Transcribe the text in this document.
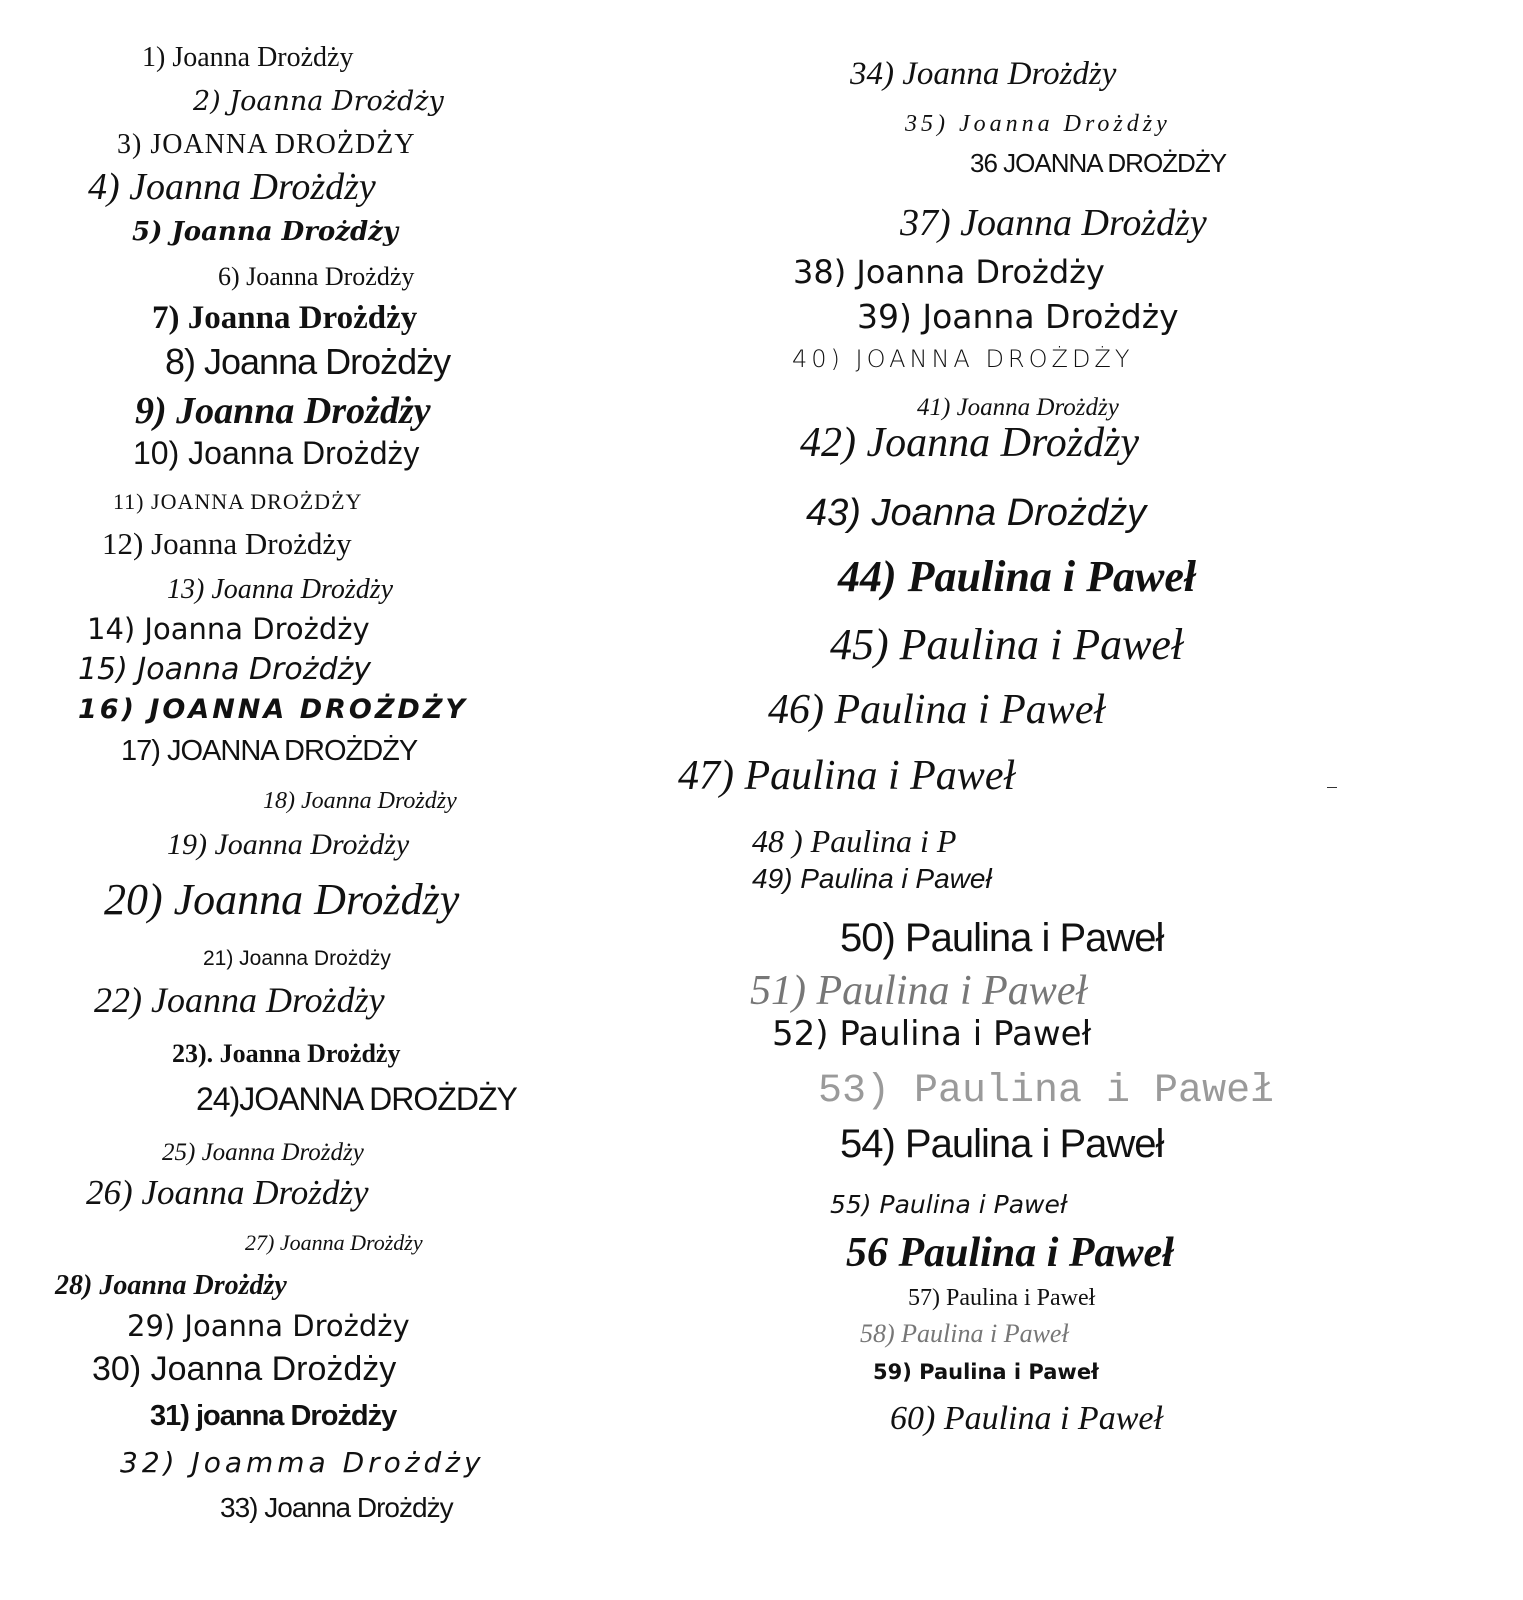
1) Joanna Drożdży
2) Joanna Drożdży
3) JOANNA DROŻDŻY
4) Joanna Drożdży
5) Joanna Drożdży
6) Joanna Drożdży
7) Joanna Drożdży
8) Joanna Drożdży
9) Joanna Drożdży
10) Joanna Drożdży
11) JOANNA DROŻDŻY
12) Joanna Drożdży
13) Joanna Drożdży
14) Joanna Drożdży
15) Joanna Drożdży
16) JOANNA DROŻDŻY
17) JOANNA DROŻDŻY
18) Joanna Drożdży
19) Joanna Drożdży
20) Joanna Drożdży
21) Joanna Drożdży
22) Joanna Drożdży
23). Joanna Drożdży
24)JOANNA DROŻDŻY
25) Joanna Drożdży
26) Joanna Drożdży
27) Joanna Drożdży
28) Joanna Drożdży
29) Joanna Drożdży
30) Joanna Drożdży
31) joanna Drożdży
32) Joamma Drożdży
33) Joanna Drożdży
34) Joanna Drożdży
35) Joanna Drożdży
36 JOANNA DROŻDŻY
37) Joanna Drożdży
38) Joanna Drożdży
39) Joanna Drożdży
40) JOANNA DROŻDŻY
41) Joanna Drożdży
42) Joanna Drożdży
43) Joanna Drożdży
44) Paulina i Paweł
45) Paulina i Paweł
46) Paulina i Paweł
47) Paulina i Paweł
48 ) Paulina i P
49) Paulina i Paweł
50) Paulina i Paweł
51) Paulina i Paweł
52) Paulina i Paweł
53) Paulina i Paweł
54) Paulina i Paweł
55) Paulina i Paweł
56 Paulina i Paweł
57) Paulina i Paweł
58) Paulina i Paweł
59) Paulina i Paweł
60) Paulina i Paweł
